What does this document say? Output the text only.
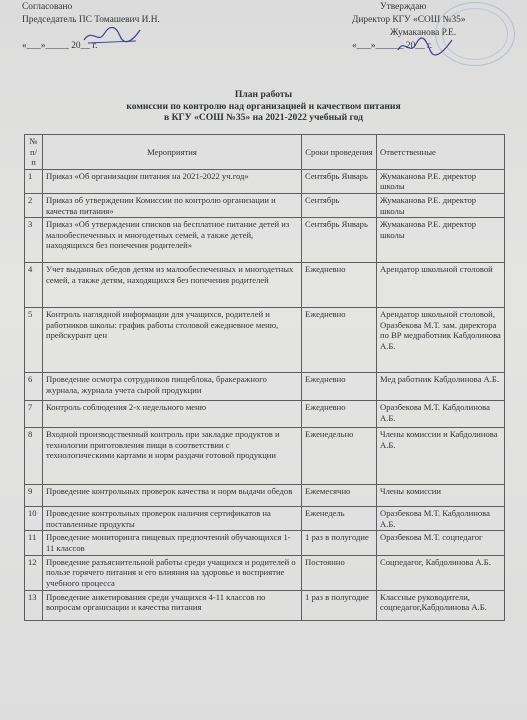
Согласовано
Председатель ПС Томашевич И.Н.
«___»_____ 20__ г.
Утверждаю
Директор КГУ «СОШ №35»
Жумаканова Р.Е.
«___»______ 20__ г.
План работы
комиссии по контролю над организацией и качеством питания
в КГУ «СОШ №35» на 2021-2022 учебный год
№ п/п	Мероприятия	Сроки проведения	Ответственные
1	Приказ «Об организации питания на 2021-2022 уч.год»	Сентябрь Январь	Жумаканова Р.Е. директор школы
2	Приказ об утверждении Комиссии по контролю организации и качества питания»	Сентябрь	Жумаканова Р.Е. директор школы
3	Приказ «Об утверждении списков на бесплатное питание детей из малообеспеченных и многодетных семей, а также детей, находящихся без попечения родителей»	Сентябрь Январь	Жумаканова Р.Е. директор школы
4	Учет выданных обедов детям из малообеспеченных и многодетных семей, а также детям, находящихся без попечения родителей	Ежедневно	Арендатор школьной столовой
5	Контроль наглядной информации для учащихся, родителей и работников школы: график работы столовой ежедневное меню, прейскурант цен	Ежедневно	Арендатор школьной столовой, Оразбекова М.Т. зам. директора по ВР медработник Кабдолинова А.Б.
6	Проведение осмотра сотрудников пищеблока, бракеражного журнала, журнала учета сырой продукции	Ежедневно	Мед работник Кабдолинова А.Б.
7	Контроль соблюдения 2-х недельного меню	Ежедневно	Оразбекова М.Т. Кабдолинова А.Б.
8	Входной производственный контроль при закладке продуктов и технологии приготовления пищи в соответствии с технологическими картами и норм раздачи готовой продукции	Еженедельно	Члены комиссии и Кабдолинова А.Б.
9	Проведение контрольных проверок качества и норм выдачи обедов	Ежемесячно	Члены комиссии
10	Проведение контрольных проверок наличия сертификатов на поставленные продукты	Еженедель	Оразбекова М.Т. Кабдолинова А.Б.
11	Проведение мониторинга пищевых предпочтений обучающихся 1-11 классов	1 раз в полугодие	Оразбекова М.Т. соцпедагог
12	Проведение разъяснительной работы среди учащихся и родителей о пользе горячего питания и его влияния на здоровье и восприятие учебного процесса	Постоянно	Соцпедагог, Кабдолинова А.Б.
13	Проведение анкетирования среди учащихся 4-11 классов по вопросам организации и качества питания	1 раз в полугодие	Классные руководители, соцпедагог,Кабдолинова А.Б.
